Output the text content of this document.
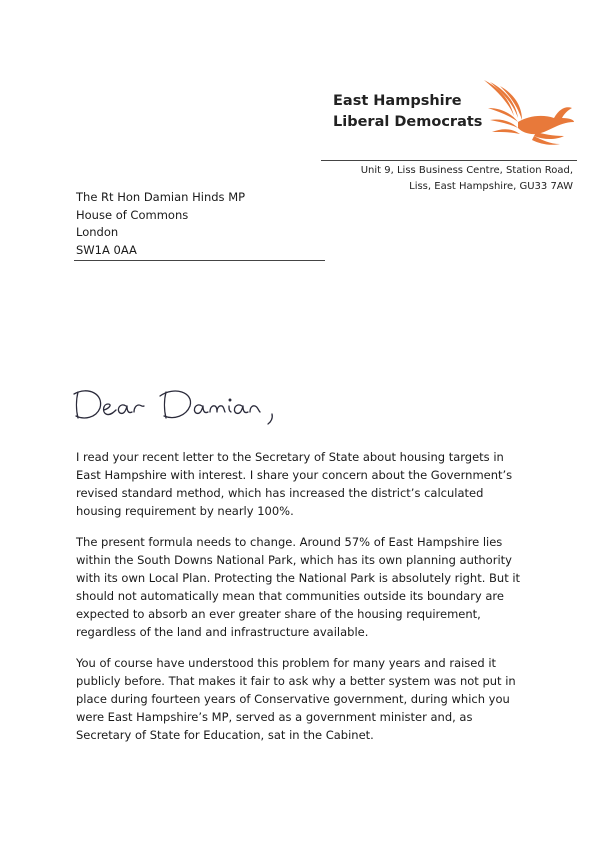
East Hampshire
Liberal Democrats
Unit 9, Liss Business Centre, Station Road,
Liss, East Hampshire, GU33 7AW
The Rt Hon Damian Hinds MP
House of Commons
London
SW1A 0AA

I read your recent letter to the Secretary of State about housing targets in
East Hampshire with interest. I share your concern about the Government’s
revised standard method, which has increased the district’s calculated
housing requirement by nearly 100%.

The present formula needs to change. Around 57% of East Hampshire lies
within the South Downs National Park, which has its own planning authority
with its own Local Plan. Protecting the National Park is absolutely right. But it
should not automatically mean that communities outside its boundary are
expected to absorb an ever greater share of the housing requirement,
regardless of the land and infrastructure available.

You of course have understood this problem for many years and raised it
publicly before. That makes it fair to ask why a better system was not put in
place during fourteen years of Conservative government, during which you
were East Hampshire’s MP, served as a government minister and, as
Secretary of State for Education, sat in the Cabinet.
